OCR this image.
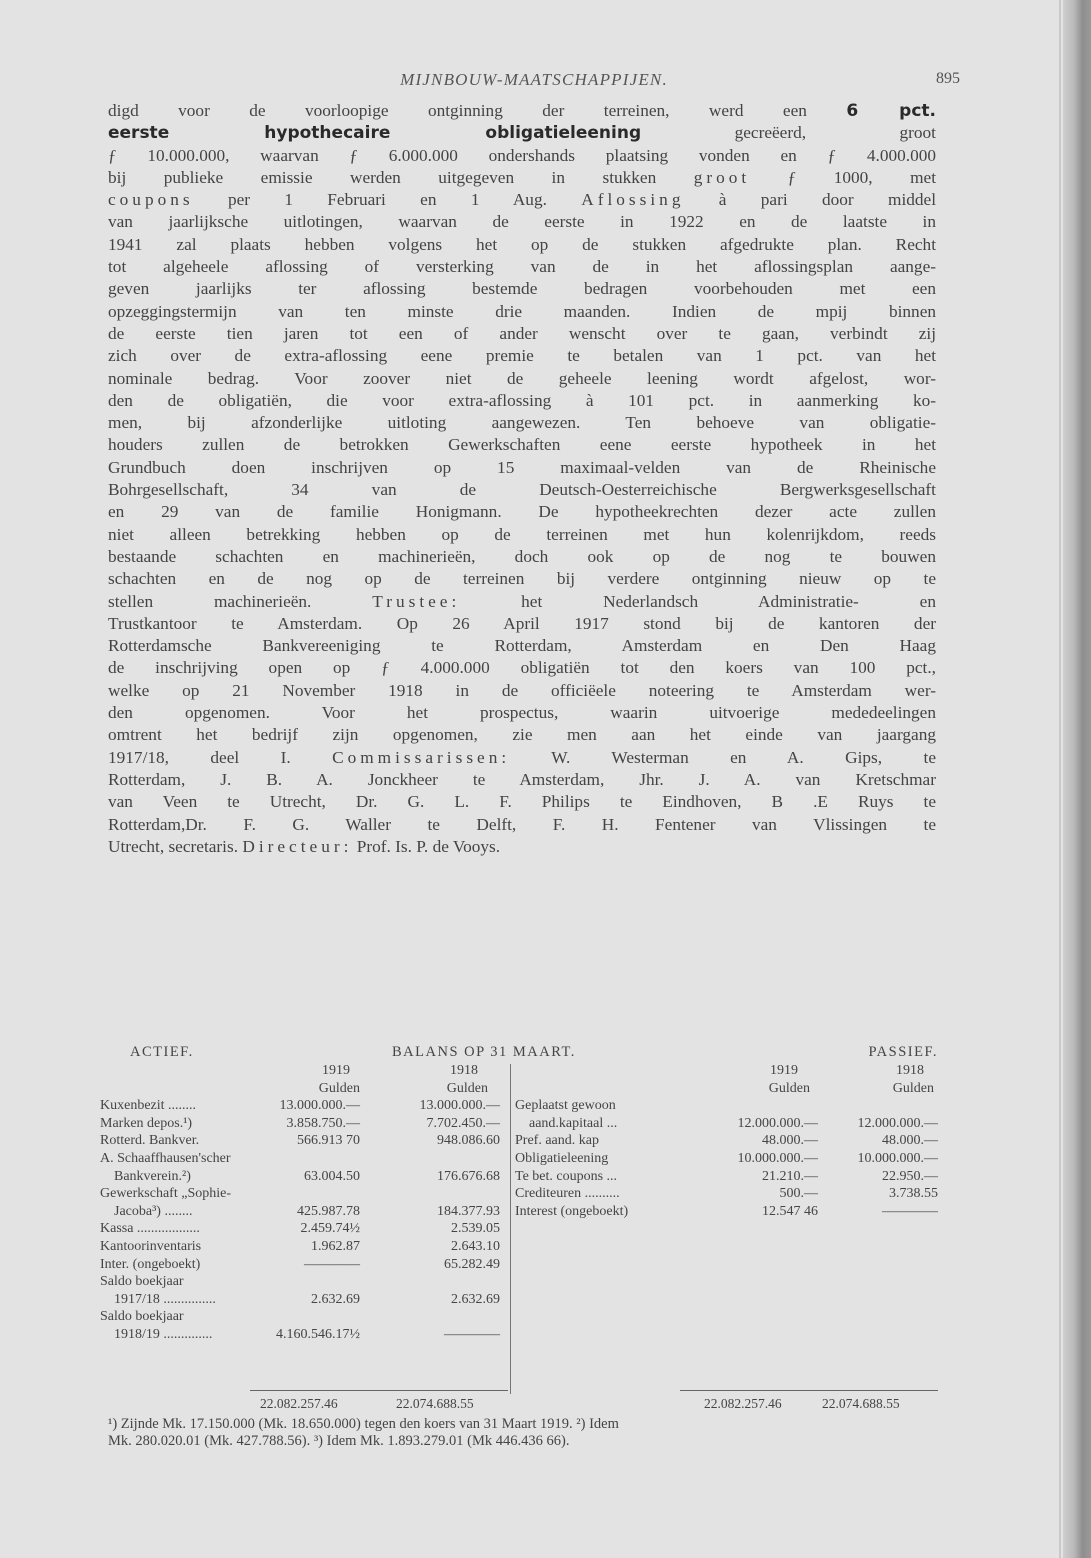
MIJNBOUW-MAATSCHAPPIJEN.	895
digd voor de voorloopige ontginning der terreinen, werd een 6 pct.
eerste hypothecaire obligatieleening gecreëerd, groot
ƒ 10.000.000, waarvan ƒ 6.000.000 ondershands plaatsing vonden en ƒ 4.000.000
bij publieke emissie werden uitgegeven in stukken groot ƒ 1000, met
coupons per 1 Februari en 1 Aug. Aflossing à pari door middel
van jaarlijksche uitlotingen, waarvan de eerste in 1922 en de laatste in
1941 zal plaats hebben volgens het op de stukken afgedrukte plan. Recht
tot algeheele aflossing of versterking van de in het aflossingsplan aange-
geven jaarlijks ter aflossing bestemde bedragen voorbehouden met een
opzeggingstermijn van ten minste drie maanden. Indien de mpij binnen
de eerste tien jaren tot een of ander wenscht over te gaan, verbindt zij
zich over de extra-aflossing eene premie te betalen van 1 pct. van het
nominale bedrag. Voor zoover niet de geheele leening wordt afgelost, wor-
den de obligatiën, die voor extra-aflossing à 101 pct. in aanmerking ko-
men, bij afzonderlijke uitloting aangewezen. Ten behoeve van obligatie-
houders zullen de betrokken Gewerkschaften eene eerste hypotheek in het
Grundbuch doen inschrijven op 15 maximaal-velden van de Rheinische
Bohrgesellschaft, 34 van de Deutsch-Oesterreichische Bergwerksgesellschaft
en 29 van de familie Honigmann. De hypotheekrechten dezer acte zullen
niet alleen betrekking hebben op de terreinen met hun kolenrijkdom, reeds
bestaande schachten en machinerieën, doch ook op de nog te bouwen
schachten en de nog op de terreinen bij verdere ontginning nieuw op te
stellen machinerieën. Trustee: het Nederlandsch Administratie- en
Trustkantoor te Amsterdam. Op 26 April 1917 stond bij de kantoren der
Rotterdamsche Bankvereeniging te Rotterdam, Amsterdam en Den Haag
de inschrijving open op ƒ 4.000.000 obligatiën tot den koers van 100 pct.,
welke op 21 November 1918 in de officiëele noteering te Amsterdam wer-
den opgenomen. Voor het prospectus, waarin uitvoerige mededeelingen
omtrent het bedrijf zijn opgenomen, zie men aan het einde van jaargang
1917/18, deel I. Commissarissen: W. Westerman en A. Gips, te
Rotterdam, J. B. A. Jonckheer te Amsterdam, Jhr. J. A. van Kretschmar
van Veen te Utrecht, Dr. G. L. F. Philips te Eindhoven, B .E Ruys te
Rotterdam,Dr. F. G. Waller te Delft, F. H. Fentener van Vlissingen te
Utrecht, secretaris. Directeur: Prof. Is. P. de Vooys.
ACTIEF.	BALANS OP 31 MAART.	PASSIEF.
1919	1918
Gulden	Gulden
Kuxenbezit ........	13.000.000.—	13.000.000.—
Marken depos.¹)	3.858.750.—	7.702.450.—
Rotterd. Bankver.	566.913 70	948.086.60
A. Schaaffhausen'scher
Bankverein.²)	63.004.50	176.676.68
Gewerkschaft „Sophie-
Jacoba³) ........	425.987.78	184.377.93
Kassa ..................	2.459.74½	2.539.05
Kantoorinventaris	1.962.87	2.643.10
Inter. (ongeboekt)	————	65.282.49
Saldo boekjaar
1917/18 ...............	2.632.69	2.632.69
Saldo boekjaar
1918/19 ..............	4.160.546.17½	————
1919	1918
Gulden	Gulden
Geplaatst gewoon
aand.kapitaal ...	12.000.000.—	12.000.000.—
Pref. aand. kap	48.000.—	48.000.—
Obligatieleening	10.000.000.—	10.000.000.—
Te bet. coupons ...	21.210.—	22.950.—
Crediteuren ..........	500.—	3.738.55
Interest (ongeboekt)	12.547 46	————
22.082.257.46	22.074.688.55	22.082.257.46	22.074.688.55
¹) Zijnde Mk. 17.150.000 (Mk. 18.650.000) tegen den koers van 31 Maart 1919. ²) Idem
Mk. 280.020.01 (Mk. 427.788.56). ³) Idem Mk. 1.893.279.01 (Mk 446.436 66).
